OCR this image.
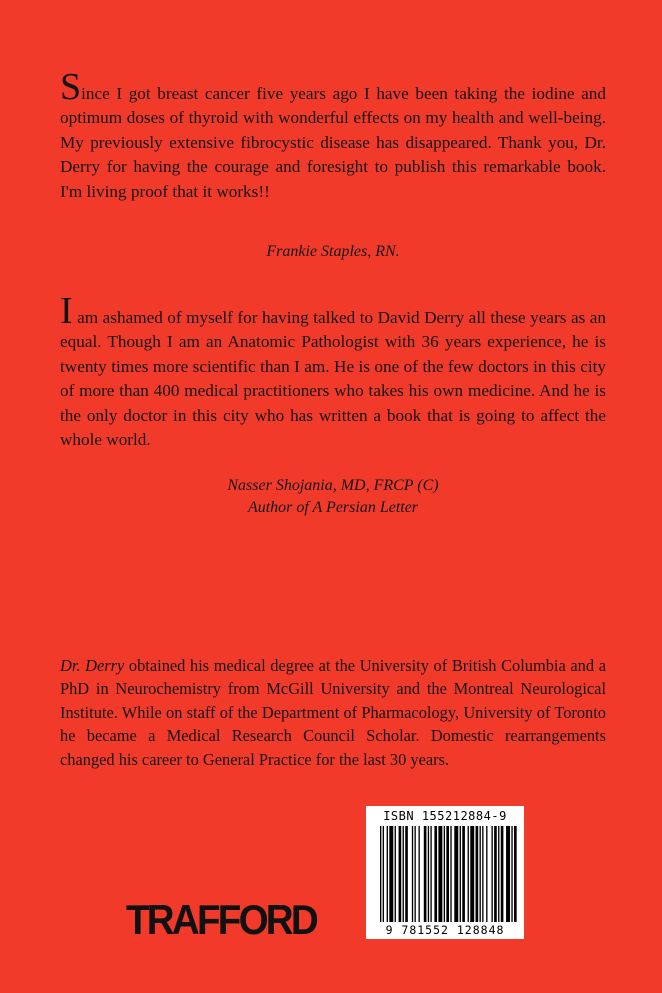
Since I got breast cancer five years ago I have been taking the iodine and optimum doses of thyroid with wonderful effects on my health and well-being. My previously extensive fibrocystic disease has disappeared. Thank you, Dr. Derry for having the courage and foresight to publish this remarkable book. I'm living proof that it works!!

Frankie Staples, RN.

I am ashamed of myself for having talked to David Derry all these years as an equal. Though I am an Anatomic Pathologist with 36 years experience, he is twenty times more scientific than I am. He is one of the few doctors in this city of more than 400 medical practitioners who takes his own medicine. And he is the only doctor in this city who has written a book that is going to affect the whole world.

Nasser Shojania, MD, FRCP (C)

Author of A Persian Letter

Dr. Derry obtained his medical degree at the University of British Columbia and a PhD in Neurochemistry from McGill University and the Montreal Neurological Institute. While on staff of the Department of Pharmacology, University of Toronto he became a Medical Research Council Scholar. Domestic rearrangements changed his career to General Practice for the last 30 years.

ISBN 155212884-9
9 781552 128848
TRAFFORD
